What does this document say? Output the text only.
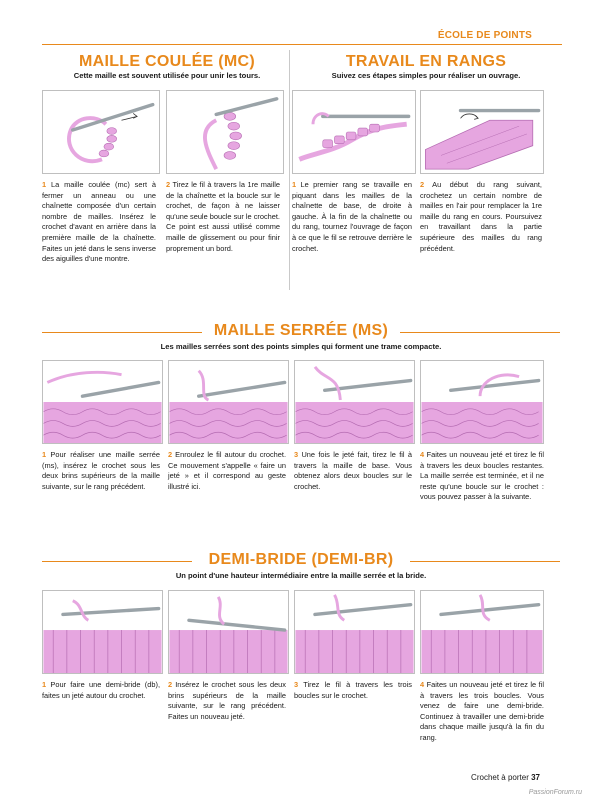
ÉCOLE DE POINTS
MAILLE COULÉE (MC)
Cette maille est souvent utilisée pour unir les tours.
1 La maille coulée (mc) sert à fermer un anneau ou une chaînette composée d'un certain nombre de mailles. Insérez le crochet d'avant en arrière dans la première maille de la chaînette. Faites un jeté dans le sens inverse des aiguilles d'une montre.
2 Tirez le fil à travers la 1re maille de la chaînette et la boucle sur le crochet, de façon à ne laisser qu'une seule boucle sur le crochet. Ce point est aussi utilisé comme maille de glissement ou pour finir proprement un bord.
TRAVAIL EN RANGS
Suivez ces étapes simples pour réaliser un ouvrage.
1 Le premier rang se travaille en piquant dans les mailles de la chaînette de base, de droite à gauche. À la fin de la chaînette ou du rang, tournez l'ouvrage de façon à ce que le fil se retrouve derrière le crochet.
2 Au début du rang suivant, crochetez un certain nombre de mailles en l'air pour remplacer la 1re maille du rang en cours. Poursuivez en travaillant dans la partie supérieure des mailles du rang précédent.
MAILLE SERRÉE (MS)
Les mailles serrées sont des points simples qui forment une trame compacte.
1 Pour réaliser une maille serrée (ms), insérez le crochet sous les deux brins supérieurs de la maille suivante, sur le rang précédent.
2 Enroulez le fil autour du crochet. Ce mouvement s'appelle « faire un jeté » et il correspond au geste illustré ici.
3 Une fois le jeté fait, tirez le fil à travers la maille de base. Vous obtenez alors deux boucles sur le crochet.
4 Faites un nouveau jeté et tirez le fil à travers les deux boucles restantes. La maille serrée est terminée, et il ne reste qu'une boucle sur le crochet : vous pouvez passer à la suivante.
DEMI-BRIDE (DEMI-BR)
Un point d'une hauteur intermédiaire entre la maille serrée et la bride.
1 Pour faire une demi-bride (db), faites un jeté autour du crochet.
2 Insérez le crochet sous les deux brins supérieurs de la maille suivante, sur le rang précédent. Faites un nouveau jeté.
3 Tirez le fil à travers les trois boucles sur le crochet.
4 Faites un nouveau jeté et tirez le fil à travers les trois boucles. Vous venez de faire une demi-bride. Continuez à travailler une demi-bride dans chaque maille jusqu'à la fin du rang.
Crochet à porter 37
PassionForum.ru
